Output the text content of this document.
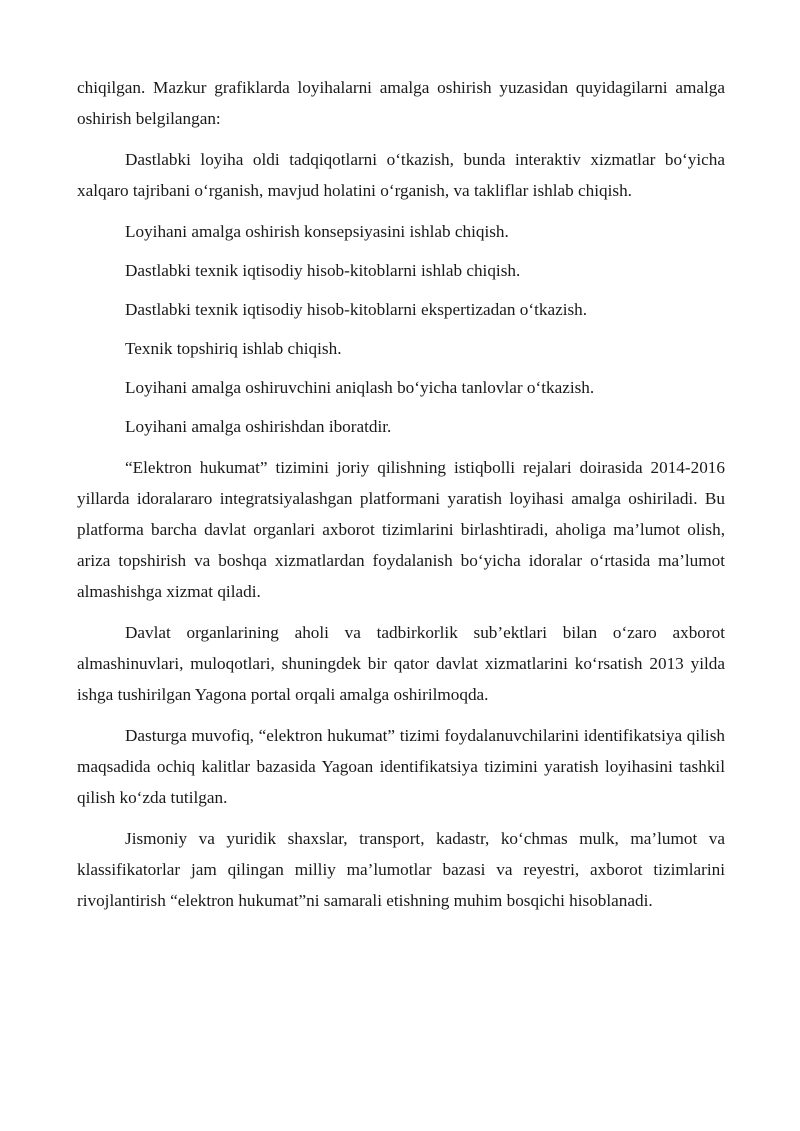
chiqilgan. Mazkur grafiklarda loyihalarni amalga oshirish yuzasidan quyidagilarni amalga oshirish belgilangan:

Dastlabki loyiha oldi tadqiqotlarni o‘tkazish, bunda interaktiv xizmatlar bo‘yicha xalqaro tajribani o‘rganish, mavjud holatini o‘rganish, va takliflar ishlab chiqish.

Loyihani amalga oshirish konsepsiyasini ishlab chiqish.

Dastlabki texnik iqtisodiy hisob-kitoblarni ishlab chiqish.

Dastlabki texnik iqtisodiy hisob-kitoblarni ekspertizadan o‘tkazish.

Texnik topshiriq ishlab chiqish.

Loyihani amalga oshiruvchini aniqlash bo‘yicha tanlovlar o‘tkazish.

Loyihani amalga oshirishdan iboratdir.

“Elektron hukumat” tizimini joriy qilishning istiqbolli rejalari doirasida 2014-2016 yillarda idoralararo integratsiyalashgan platformani yaratish loyihasi amalga oshiriladi. Bu platforma barcha davlat organlari axborot tizimlarini birlashtiradi, aholiga ma’lumot olish, ariza topshirish va boshqa xizmatlardan foydalanish bo‘yicha idoralar o‘rtasida ma’lumot almashishga xizmat qiladi.

Davlat organlarining aholi va tadbirkorlik sub’ektlari bilan o‘zaro axborot almashinuvlari, muloqotlari, shuningdek bir qator davlat xizmatlarini ko‘rsatish 2013 yilda ishga tushirilgan Yagona portal orqali amalga oshirilmoqda.

Dasturga muvofiq, “elektron hukumat” tizimi foydalanuvchilarini identifikatsiya qilish maqsadida ochiq kalitlar bazasida Yagoan identifikatsiya tizimini yaratish loyihasini tashkil qilish ko‘zda tutilgan.

Jismoniy va yuridik shaxslar, transport, kadastr, ko‘chmas mulk, ma’lumot va klassifikatorlar jam qilingan milliy ma’lumotlar bazasi va reyestri, axborot tizimlarini rivojlantirish “elektron hukumat”ni samarali etishning muhim bosqichi hisoblanadi.
